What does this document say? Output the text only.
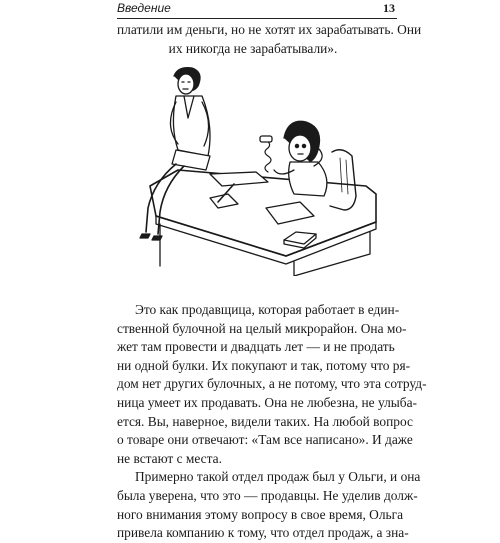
Введение	13
платили им деньги, но не хотят их зарабатывать. Они
их никогда не зарабатывали».
Это как продавщица, которая работает в един-
ственной булочной на целый микрорайон. Она мо-
жет там провести и двадцать лет — и не продать
ни одной булки. Их покупают и так, потому что ря-
дом нет других булочных, а не потому, что эта сотруд-
ница умеет их продавать. Она не любезна, не улыба-
ется. Вы, наверное, видели таких. На любой вопрос
о товаре они отвечают: «Там все написано». И даже
не встают с места.
Примерно такой отдел продаж был у Ольги, и она
была уверена, что это — продавцы. Не уделив долж-
ного внимания этому вопросу в свое время, Ольга
привела компанию к тому, что отдел продаж, а зна-
